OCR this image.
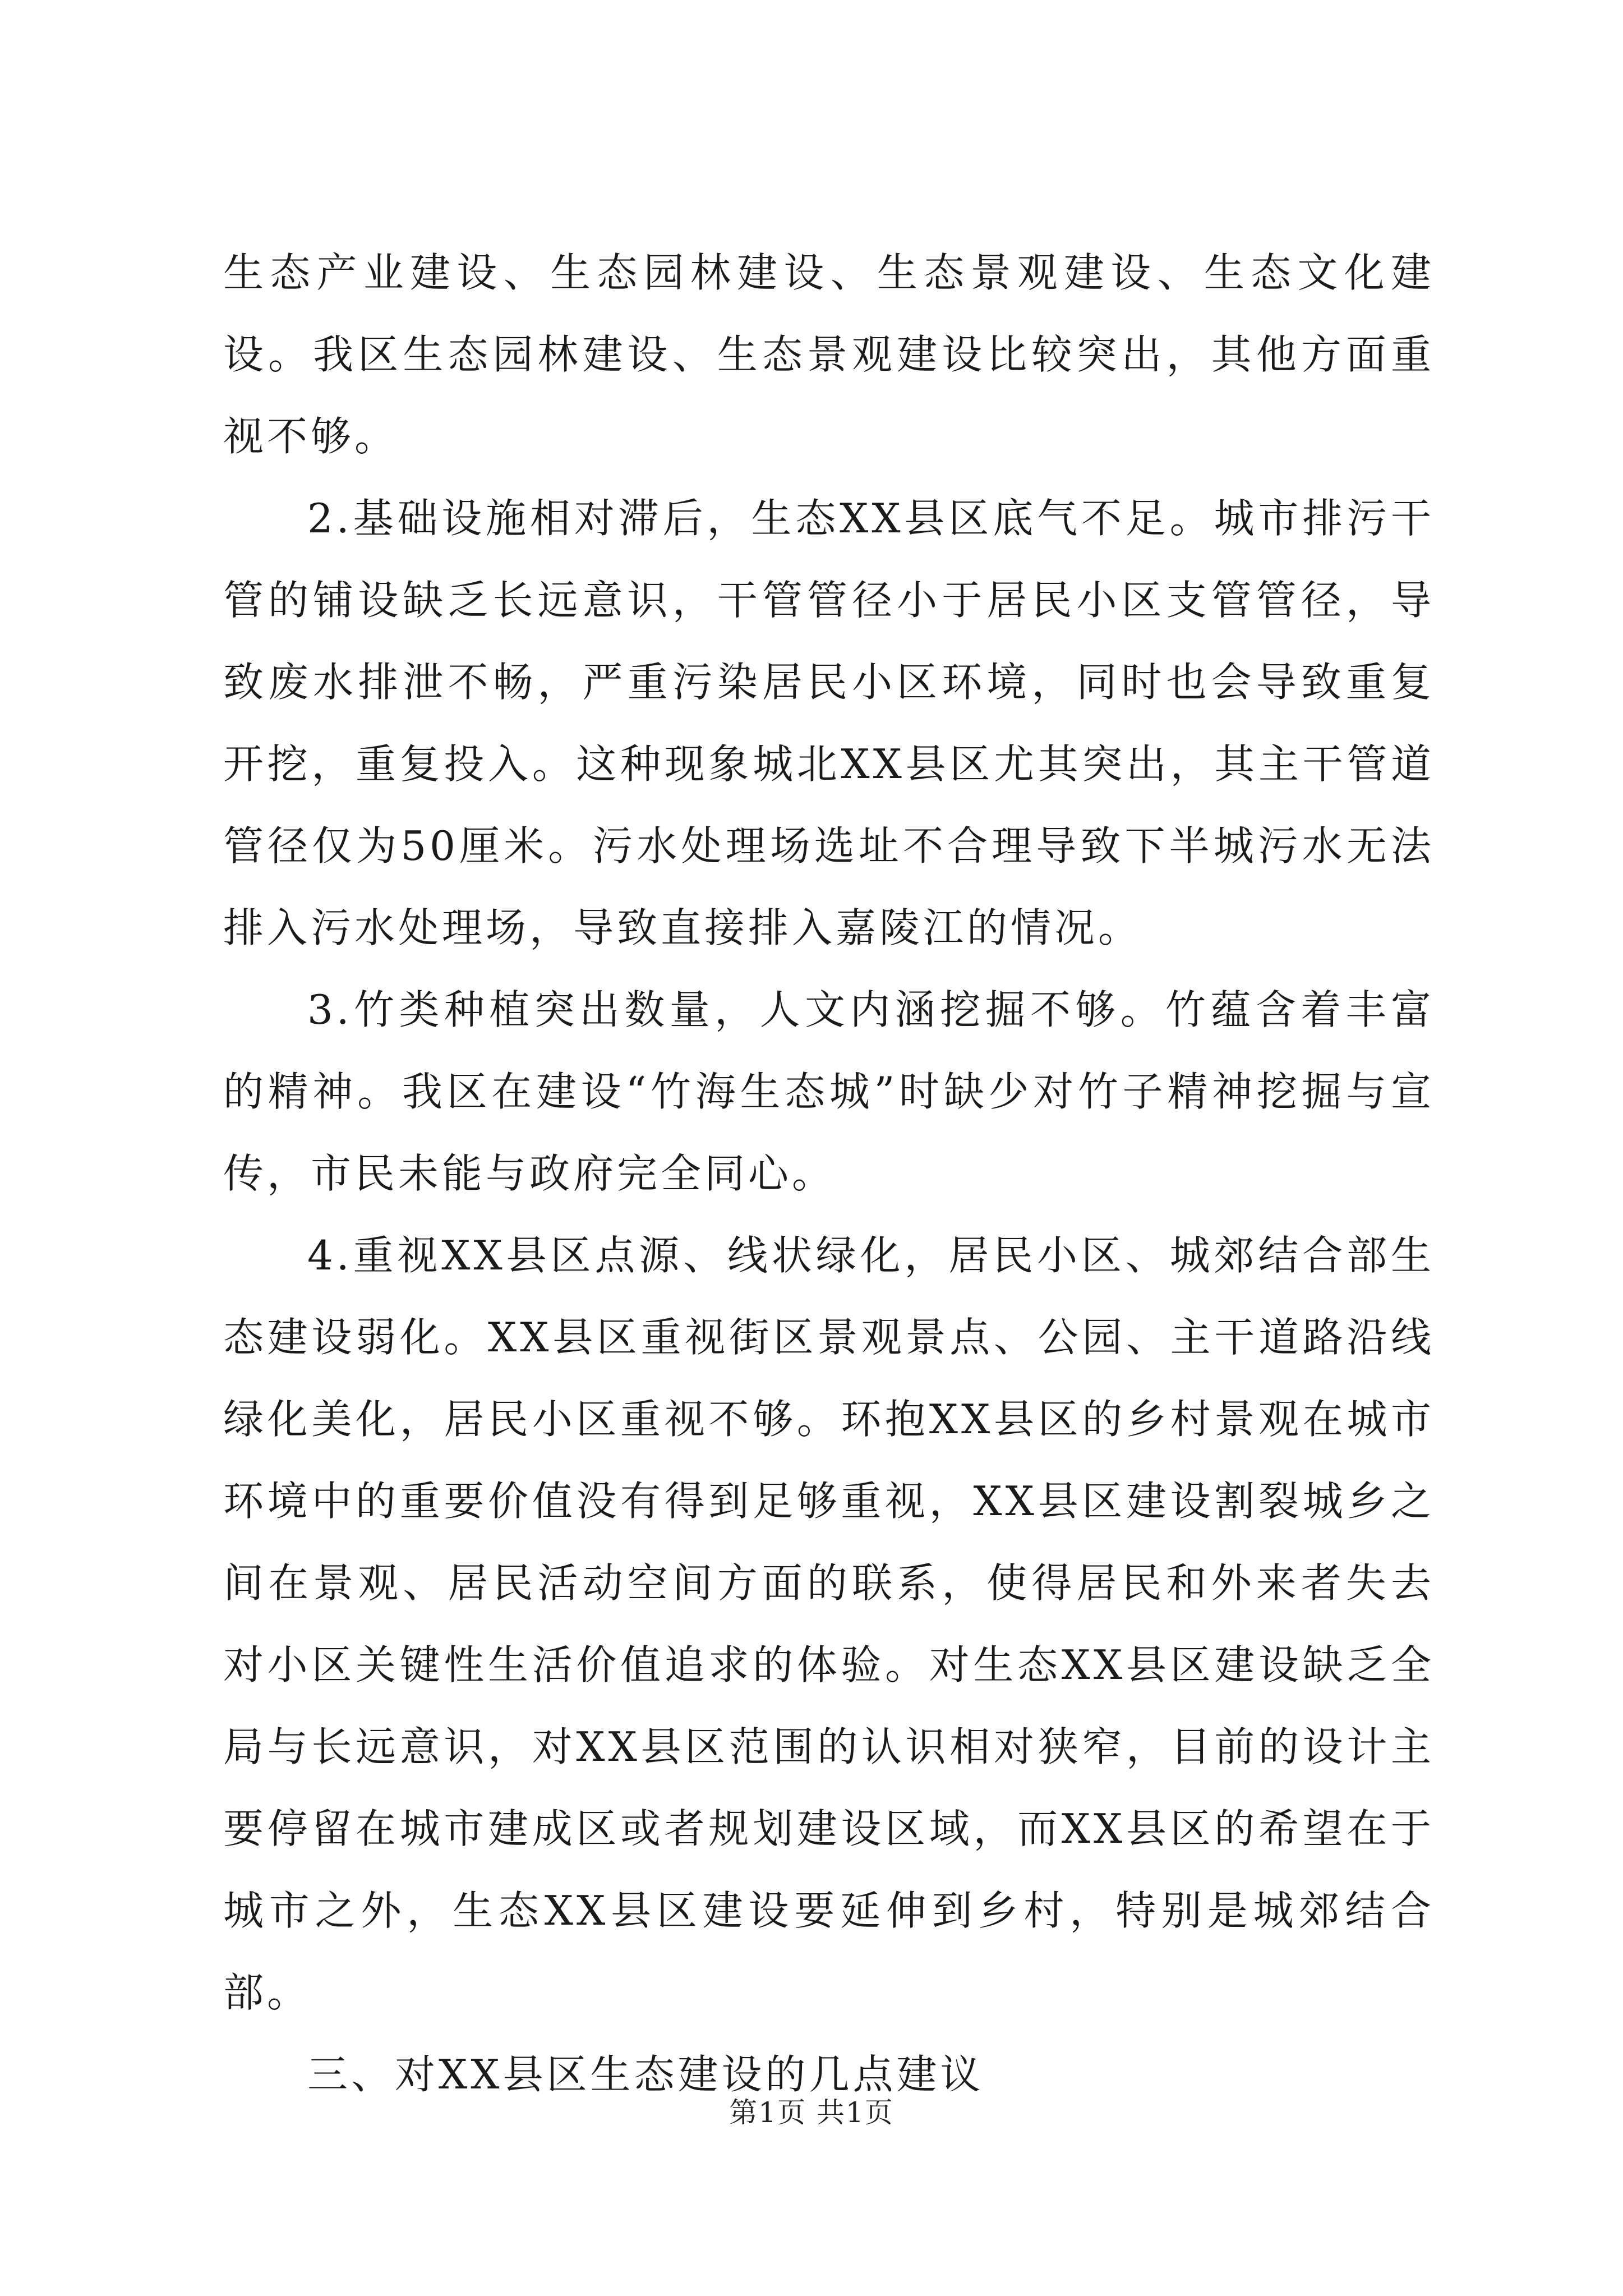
生态产业建设、生态园林建设、生态景观建设、生态文化建设。我区生态园林建设、生态景观建设比较突出，其他方面重视不够。

2.基础设施相对滞后，生态XX县区底气不足。城市排污干管的铺设缺乏长远意识，干管管径小于居民小区支管管径，导致废水排泄不畅，严重污染居民小区环境，同时也会导致重复开挖，重复投入。这种现象城北XX县区尤其突出，其主干管道管径仅为50厘米。污水处理场选址不合理导致下半城污水无法排入污水处理场，导致直接排入嘉陵江的情况。

3.竹类种植突出数量，人文内涵挖掘不够。竹蕴含着丰富的精神。我区在建设“竹海生态城”时缺少对竹子精神挖掘与宣传，市民未能与政府完全同心。

4.重视XX县区点源、线状绿化，居民小区、城郊结合部生态建设弱化。XX县区重视街区景观景点、公园、主干道路沿线绿化美化，居民小区重视不够。环抱XX县区的乡村景观在城市环境中的重要价值没有得到足够重视，XX县区建设割裂城乡之间在景观、居民活动空间方面的联系，使得居民和外来者失去对小区关键性生活价值追求的体验。对生态XX县区建设缺乏全局与长远意识，对XX县区范围的认识相对狭窄，目前的设计主要停留在城市建成区或者规划建设区域，而XX县区的希望在于城市之外，生态XX县区建设要延伸到乡村，特别是城郊结合部。

三、对XX县区生态建设的几点建议

第1页 共1页
